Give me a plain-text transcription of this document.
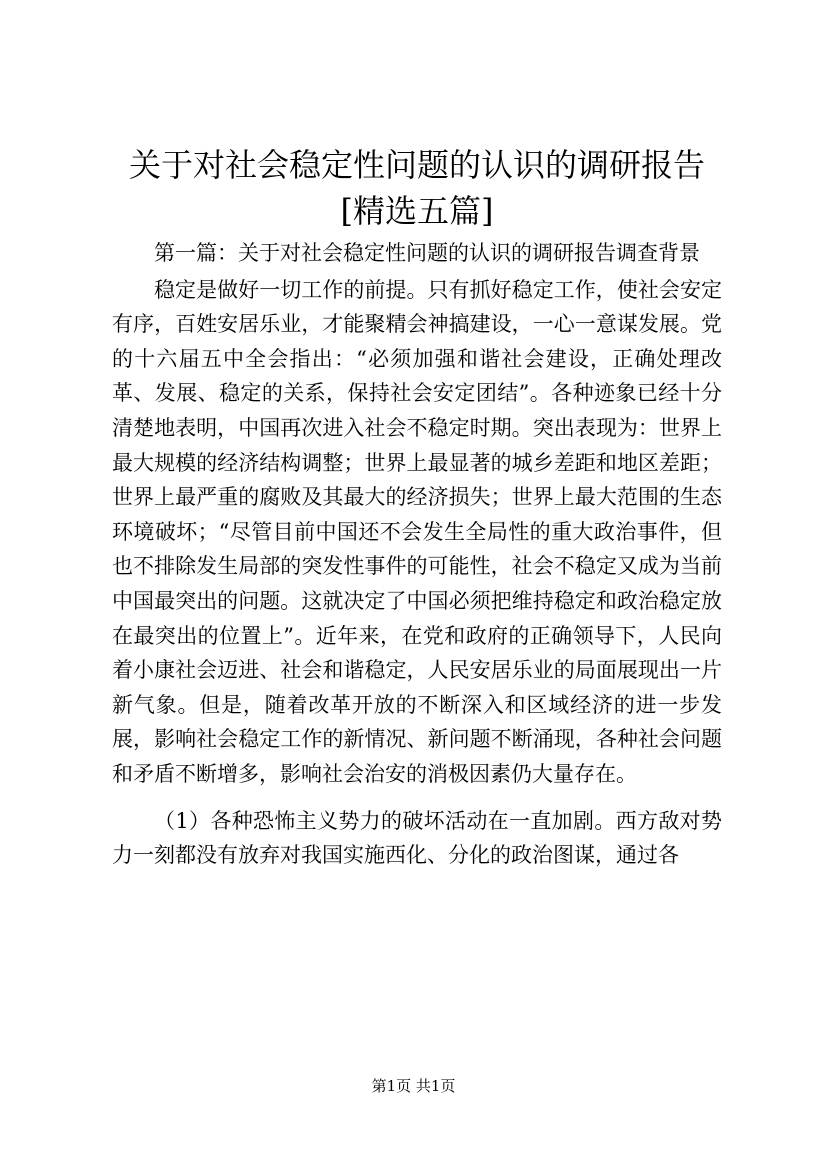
关于对社会稳定性问题的认识的调研报告[精选五篇]

第一篇：关于对社会稳定性问题的认识的调研报告调查背景

稳定是做好一切工作的前提。只有抓好稳定工作，使社会安定有序，百姓安居乐业，才能聚精会神搞建设，一心一意谋发展。党的十六届五中全会指出：“必须加强和谐社会建设，正确处理改革、发展、稳定的关系，保持社会安定团结”。各种迹象已经十分清楚地表明，中国再次进入社会不稳定时期。突出表现为：世界上最大规模的经济结构调整；世界上最显著的城乡差距和地区差距；世界上最严重的腐败及其最大的经济损失；世界上最大范围的生态环境破坏；“尽管目前中国还不会发生全局性的重大政治事件，但也不排除发生局部的突发性事件的可能性，社会不稳定又成为当前中国最突出的问题。这就决定了中国必须把维持稳定和政治稳定放在最突出的位置上”。近年来，在党和政府的正确领导下，人民向着小康社会迈进、社会和谐稳定，人民安居乐业的局面展现出一片新气象。但是，随着改革开放的不断深入和区域经济的进一步发展，影响社会稳定工作的新情况、新问题不断涌现，各种社会问题和矛盾不断增多，影响社会治安的消极因素仍大量存在。

（1）各种恐怖主义势力的破坏活动在一直加剧。西方敌对势力一刻都没有放弃对我国实施西化、分化的政治图谋，通过各

第1页 共1页
